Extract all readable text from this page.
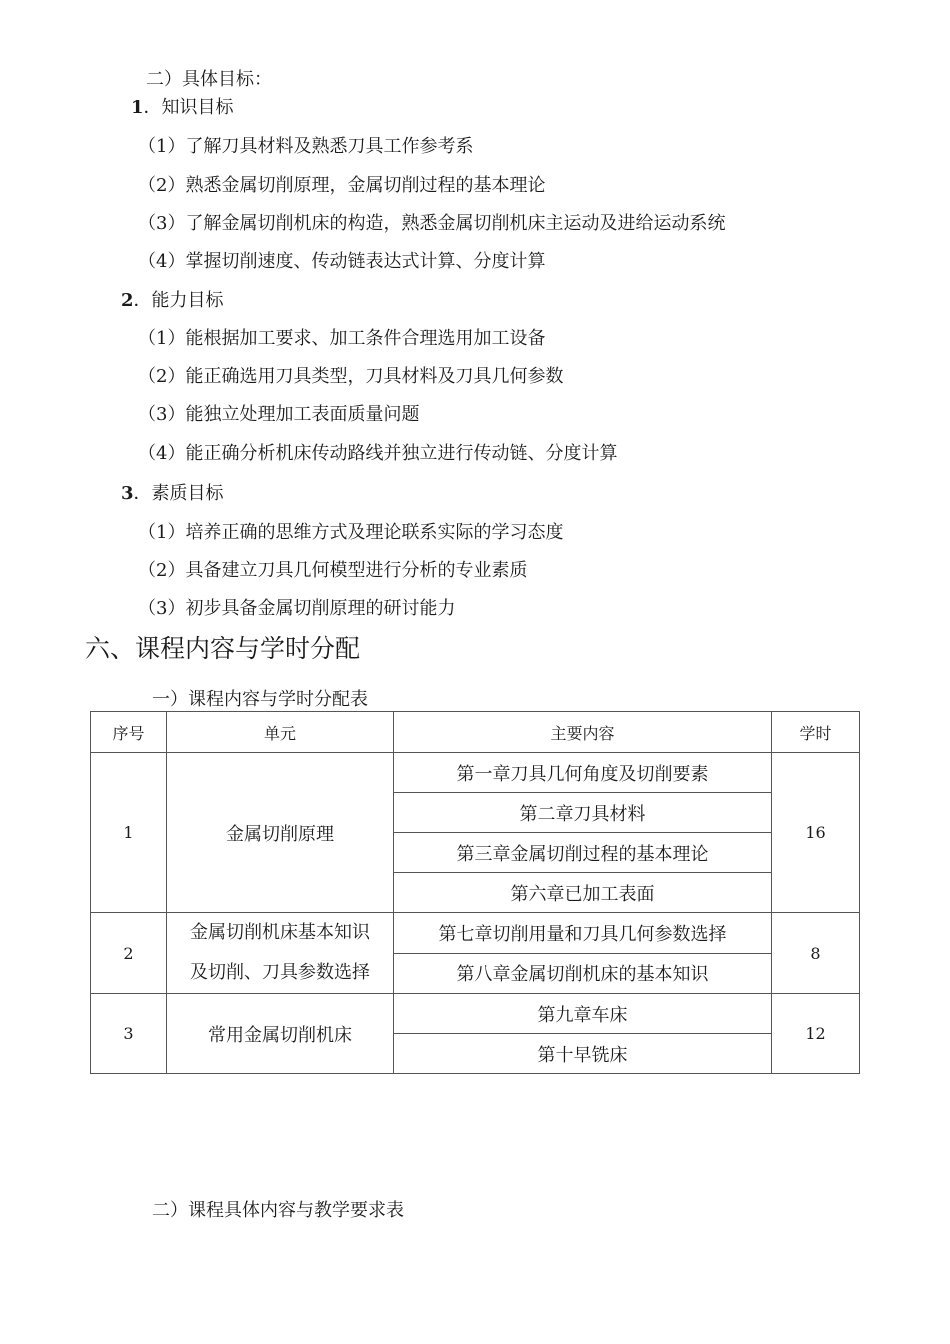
二）具体目标：
1．知识目标
（1）了解刀具材料及熟悉刀具工作参考系
（2）熟悉金属切削原理，金属切削过程的基本理论
（3）了解金属切削机床的构造，熟悉金属切削机床主运动及进给运动系统
（4）掌握切削速度、传动链表达式计算、分度计算
2．能力目标
（1）能根据加工要求、加工条件合理选用加工设备
（2）能正确选用刀具类型，刀具材料及刀具几何参数
（3）能独立处理加工表面质量问题
（4）能正确分析机床传动路线并独立进行传动链、分度计算
3．素质目标
（1）培养正确的思维方式及理论联系实际的学习态度
（2）具备建立刀具几何模型进行分析的专业素质
（3）初步具备金属切削原理的研讨能力
六、课程内容与学时分配
一）课程内容与学时分配表
序号	单元	主要内容	学时
1	金属切削原理	第一章刀具几何角度及切削要素	16
		第二章刀具材料	
		第三章金属切削过程的基本理论	
		第六章已加工表面	
2	金属切削机床基本知识
及切削、刀具参数选择	第七章切削用量和刀具几何参数选择	8
		第八章金属切削机床的基本知识	
3	常用金属切削机床	第九章车床	12
		第十早铣床	
二）课程具体内容与教学要求表
